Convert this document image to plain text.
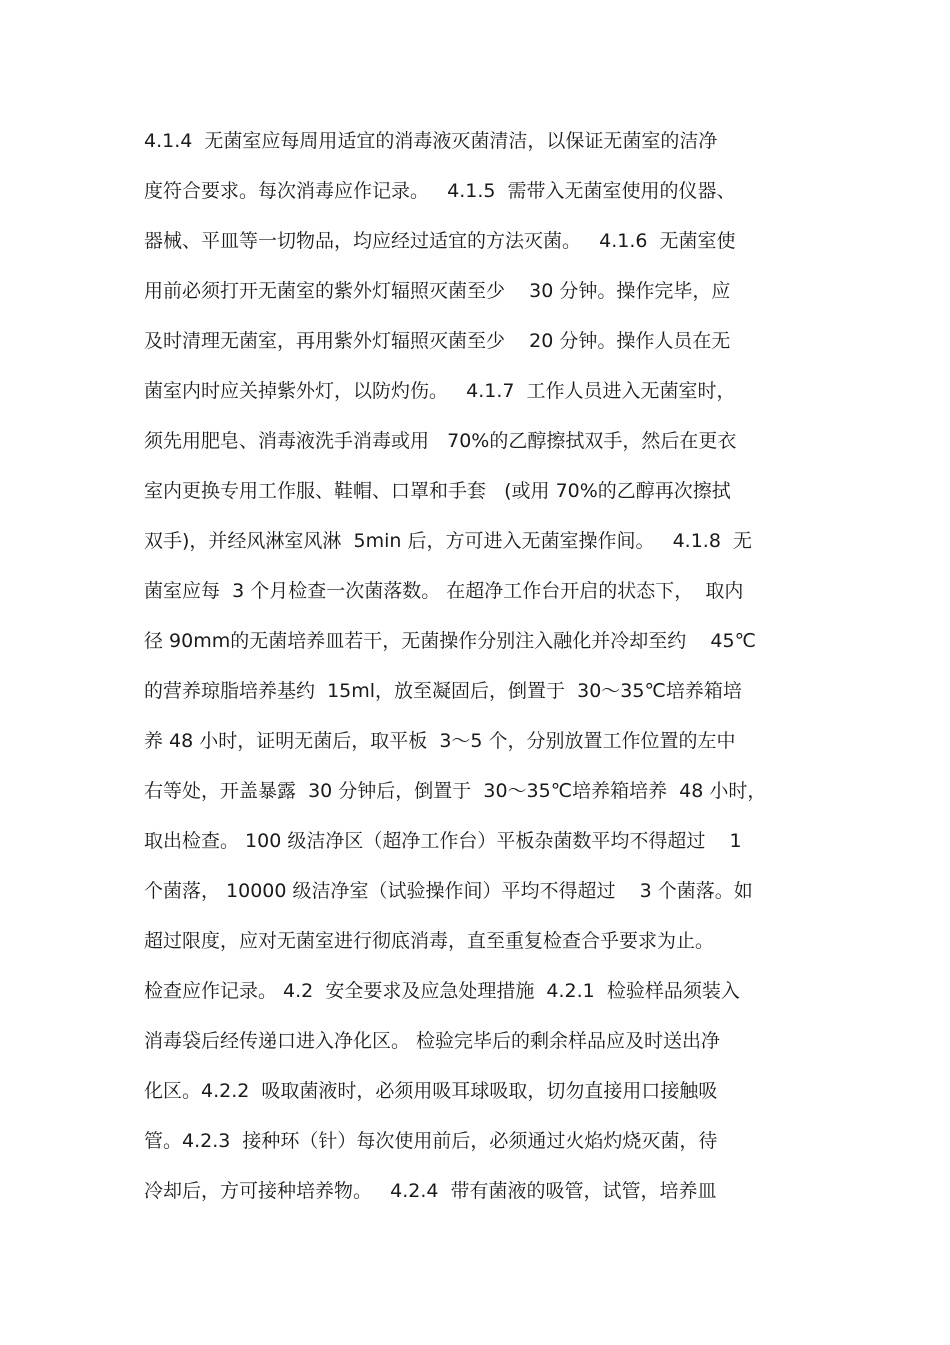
4.1.4  无菌室应每周用适宜的消毒液灭菌清洁，以保证无菌室的洁净
度符合要求。每次消毒应作记录。   4.1.5  需带入无菌室使用的仪器、
器械、平皿等一切物品，均应经过适宜的方法灭菌。   4.1.6  无菌室使
用前必须打开无菌室的紫外灯辐照灭菌至少    30 分钟。操作完毕，应
及时清理无菌室，再用紫外灯辐照灭菌至少    20 分钟。操作人员在无
菌室内时应关掉紫外灯，以防灼伤。   4.1.7  工作人员进入无菌室时，
须先用肥皂、消毒液洗手消毒或用   70%的乙醇擦拭双手，然后在更衣
室内更换专用工作服、鞋帽、口罩和手套   (或用 70%的乙醇再次擦拭
双手)，并经风淋室风淋  5min 后，方可进入无菌室操作间。   4.1.8  无
菌室应每  3 个月检查一次菌落数。 在超净工作台开启的状态下，  取内
径 90mm的无菌培养皿若干，无菌操作分别注入融化并冷却至约    45℃
的营养琼脂培养基约  15ml，放至凝固后，倒置于  30～35℃培养箱培
养 48 小时，证明无菌后，取平板  3～5 个，分别放置工作位置的左中
右等处，开盖暴露  30 分钟后，倒置于  30～35℃培养箱培养  48 小时，
取出检查。 100 级洁净区（超净工作台）平板杂菌数平均不得超过    1
个菌落， 10000 级洁净室（试验操作间）平均不得超过    3 个菌落。如
超过限度，应对无菌室进行彻底消毒，直至重复检查合乎要求为止。
检查应作记录。 4.2  安全要求及应急处理措施  4.2.1  检验样品须装入
消毒袋后经传递口进入净化区。 检验完毕后的剩余样品应及时送出净
化区。4.2.2  吸取菌液时，必须用吸耳球吸取，切勿直接用口接触吸
管。4.2.3  接种环（针）每次使用前后，必须通过火焰灼烧灭菌，待
冷却后，方可接种培养物。   4.2.4  带有菌液的吸管，试管，培养皿
